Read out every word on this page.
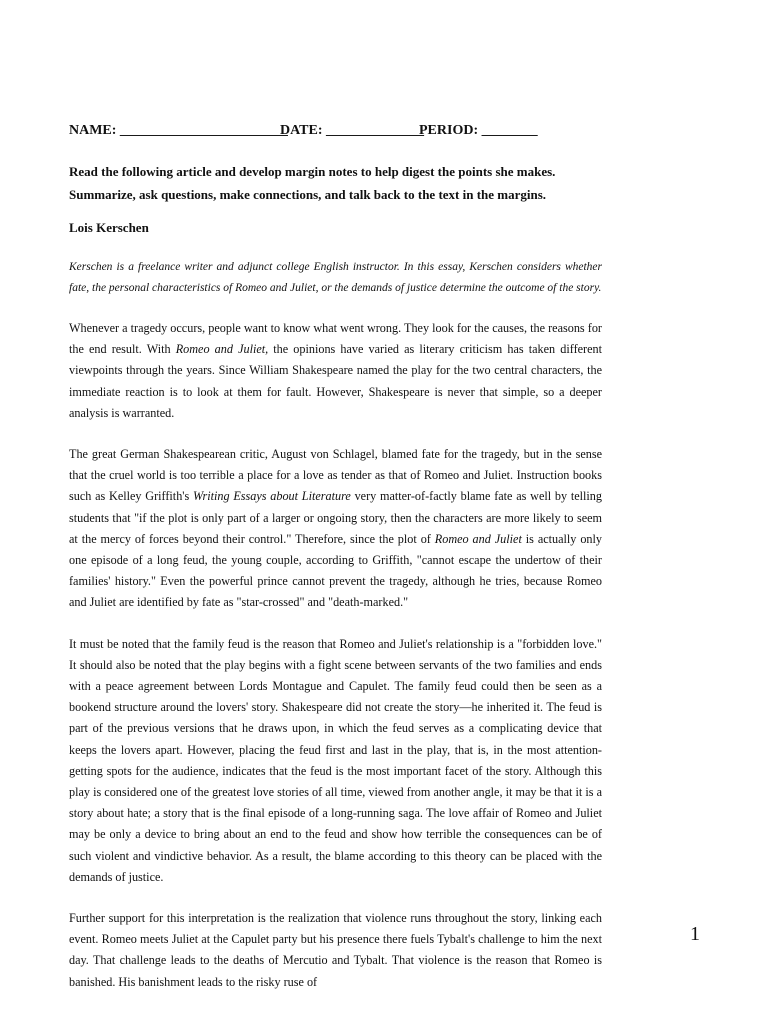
NAME: ________________________
DATE: ______________
PERIOD: ________
Read the following article and develop margin notes to help digest the points she makes. Summarize, ask questions, make connections, and talk back to the text in the margins.
Lois Kerschen
Kerschen is a freelance writer and adjunct college English instructor. In this essay, Kerschen considers whether fate, the personal characteristics of Romeo and Juliet, or the demands of justice determine the outcome of the story.

Whenever a tragedy occurs, people want to know what went wrong. They look for the causes, the reasons for the end result. With Romeo and Juliet, the opinions have varied as literary criticism has taken different viewpoints through the years. Since William Shakespeare named the play for the two central characters, the immediate reaction is to look at them for fault. However, Shakespeare is never that simple, so a deeper analysis is warranted.

The great German Shakespearean critic, August von Schlagel, blamed fate for the tragedy, but in the sense that the cruel world is too terrible a place for a love as tender as that of Romeo and Juliet. Instruction books such as Kelley Griffith's Writing Essays about Literature very matter-of-factly blame fate as well by telling students that "if the plot is only part of a larger or ongoing story, then the characters are more likely to seem at the mercy of forces beyond their control." Therefore, since the plot of Romeo and Juliet is actually only one episode of a long feud, the young couple, according to Griffith, "cannot escape the undertow of their families' history." Even the powerful prince cannot prevent the tragedy, although he tries, because Romeo and Juliet are identified by fate as "star-crossed" and "death-marked."

It must be noted that the family feud is the reason that Romeo and Juliet's relationship is a "forbidden love." It should also be noted that the play begins with a fight scene between servants of the two families and ends with a peace agreement between Lords Montague and Capulet. The family feud could then be seen as a bookend structure around the lovers' story. Shakespeare did not create the story—he inherited it. The feud is part of the previous versions that he draws upon, in which the feud serves as a complicating device that keeps the lovers apart. However, placing the feud first and last in the play, that is, in the most attention-getting spots for the audience, indicates that the feud is the most important facet of the story. Although this play is considered one of the greatest love stories of all time, viewed from another angle, it may be that it is a story about hate; a story that is the final episode of a long-running saga. The love affair of Romeo and Juliet may be only a device to bring about an end to the feud and show how terrible the consequences can be of such violent and vindictive behavior. As a result, the blame according to this theory can be placed with the demands of justice.

Further support for this interpretation is the realization that violence runs throughout the story, linking each event. Romeo meets Juliet at the Capulet party but his presence there fuels Tybalt's challenge to him the next day. That challenge leads to the deaths of Mercutio and Tybalt. That violence is the reason that Romeo is banished. His banishment leads to the risky ruse of

1
